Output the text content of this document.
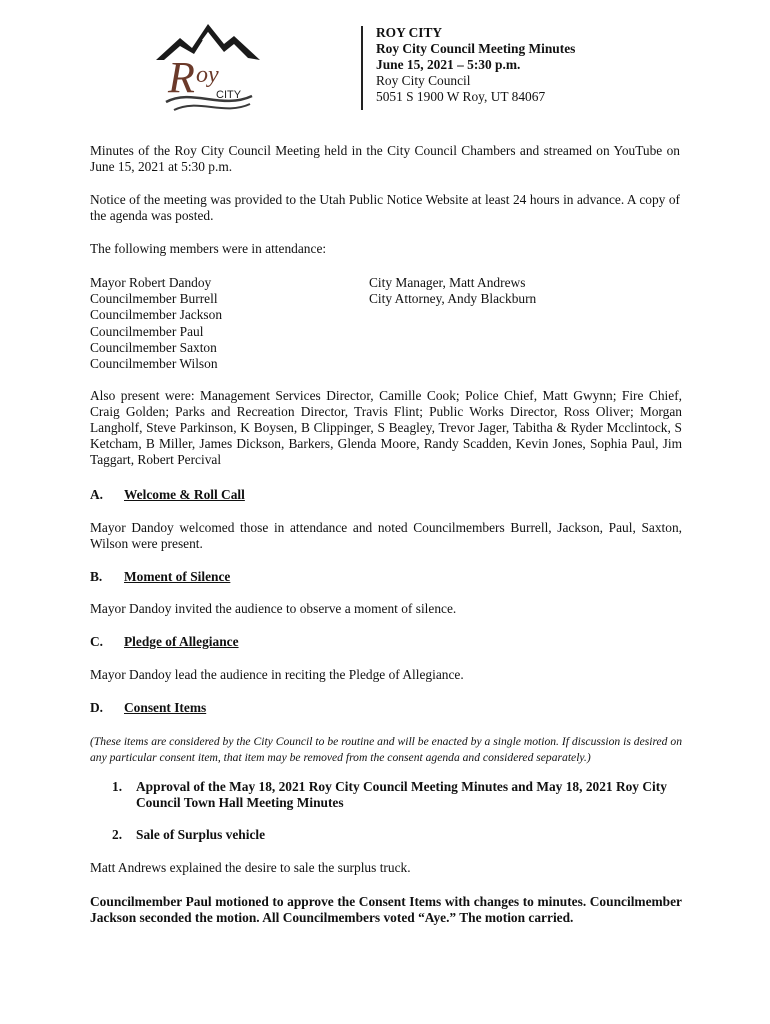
R oy
CITY
ROY CITY
Roy City Council Meeting Minutes
June 15, 2021 – 5:30 p.m.
Roy City Council
5051 S 1900 W Roy, UT 84067

Minutes of the Roy City Council Meeting held in the City Council Chambers and streamed on YouTube on June 15, 2021 at 5:30 p.m.

Notice of the meeting was provided to the Utah Public Notice Website at least 24 hours in advance. A copy of the agenda was posted.

The following members were in attendance:

Mayor Robert Dandoy
Councilmember Burrell
Councilmember Jackson
Councilmember Paul
Councilmember Saxton
Councilmember Wilson
City Manager, Matt Andrews
City Attorney, Andy Blackburn

Also present were: Management Services Director, Camille Cook; Police Chief, Matt Gwynn; Fire Chief, Craig Golden; Parks and Recreation Director, Travis Flint; Public Works Director, Ross Oliver; Morgan Langholf, Steve Parkinson, K Boysen, B Clippinger, S Beagley, Trevor Jager, Tabitha & Ryder Mcclintock, S Ketcham, B Miller, James Dickson, Barkers, Glenda Moore, Randy Scadden, Kevin Jones, Sophia Paul, Jim Taggart, Robert Percival

A. Welcome & Roll Call

Mayor Dandoy welcomed those in attendance and noted Councilmembers Burrell, Jackson, Paul, Saxton, Wilson were present.

B. Moment of Silence

Mayor Dandoy invited the audience to observe a moment of silence.

C. Pledge of Allegiance

Mayor Dandoy lead the audience in reciting the Pledge of Allegiance.

D. Consent Items
(These items are considered by the City Council to be routine and will be enacted by a single motion. If discussion is desired on any particular consent item, that item may be removed from the consent agenda and considered separately.)
1. Approval of the May 18, 2021 Roy City Council Meeting Minutes and May 18, 2021 Roy City Council Town Hall Meeting Minutes
2. Sale of Surplus vehicle

Matt Andrews explained the desire to sale the surplus truck.

Councilmember Paul motioned to approve the Consent Items with changes to minutes. Councilmember Jackson seconded the motion. All Councilmembers voted “Aye.” The motion carried.
